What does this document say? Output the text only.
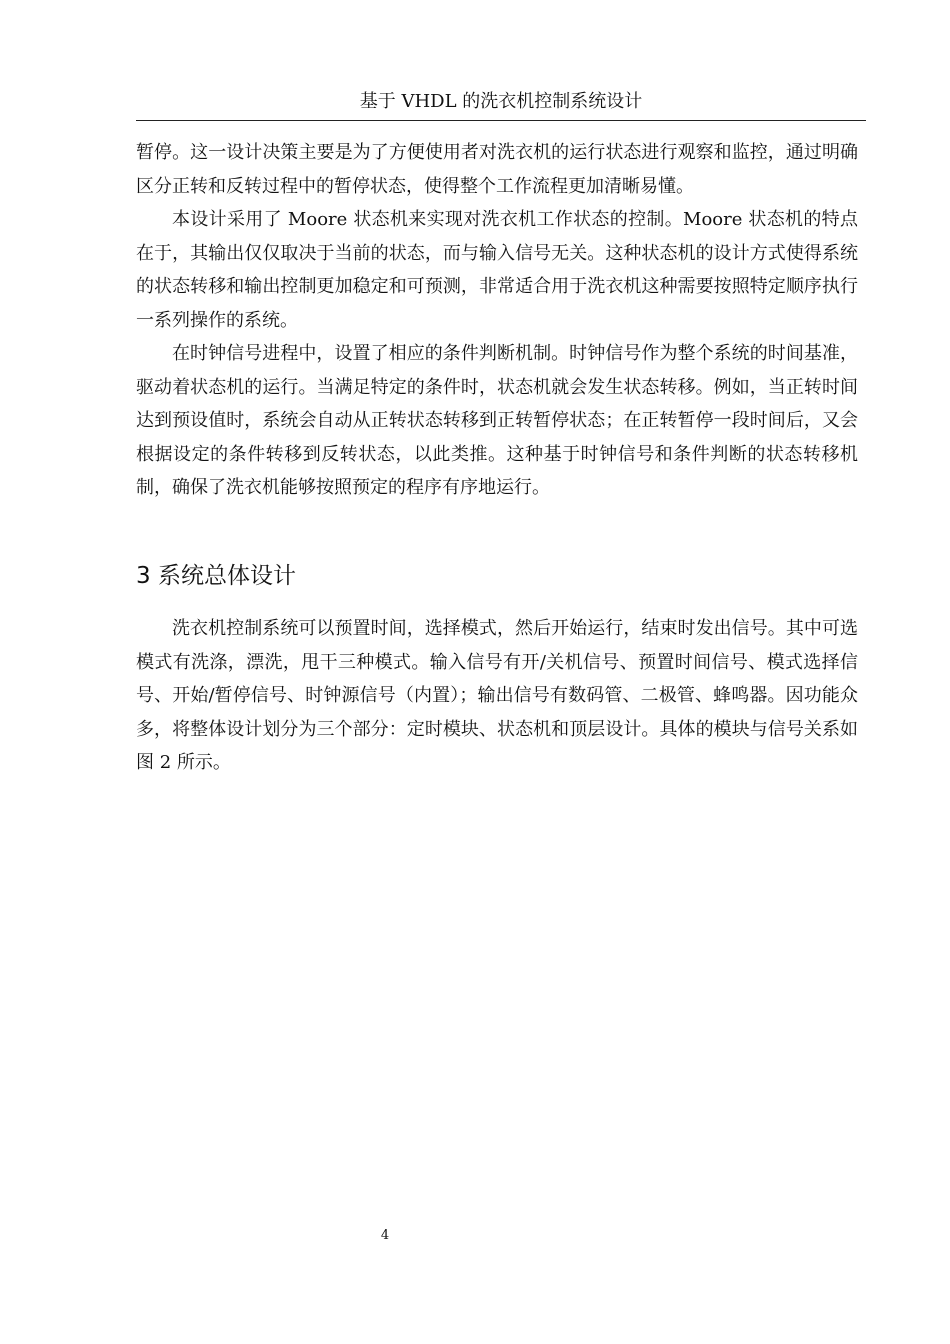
基于 VHDL 的洗衣机控制系统设计

暂停。这一设计决策主要是为了方便使用者对洗衣机的运行状态进行观察和监控，通过明确区分正转和反转过程中的暂停状态，使得整个工作流程更加清晰易懂。

本设计采用了 Moore 状态机来实现对洗衣机工作状态的控制。Moore 状态机的特点在于，其输出仅仅取决于当前的状态，而与输入信号无关。这种状态机的设计方式使得系统的状态转移和输出控制更加稳定和可预测，非常适合用于洗衣机这种需要按照特定顺序执行一系列操作的系统。

在时钟信号进程中，设置了相应的条件判断机制。时钟信号作为整个系统的时间基准，驱动着状态机的运行。当满足特定的条件时，状态机就会发生状态转移。例如，当正转时间达到预设值时，系统会自动从正转状态转移到正转暂停状态；在正转暂停一段时间后，又会根据设定的条件转移到反转状态，以此类推。这种基于时钟信号和条件判断的状态转移机制，确保了洗衣机能够按照预定的程序有序地运行。

3 系统总体设计

洗衣机控制系统可以预置时间，选择模式，然后开始运行，结束时发出信号。其中可选模式有洗涤，漂洗，甩干三种模式。输入信号有开/关机信号、预置时间信号、模式选择信号、开始/暂停信号、时钟源信号（内置）；输出信号有数码管、二极管、蜂鸣器。因功能众多，将整体设计划分为三个部分：定时模块、状态机和顶层设计。具体的模块与信号关系如图 2 所示。

4
